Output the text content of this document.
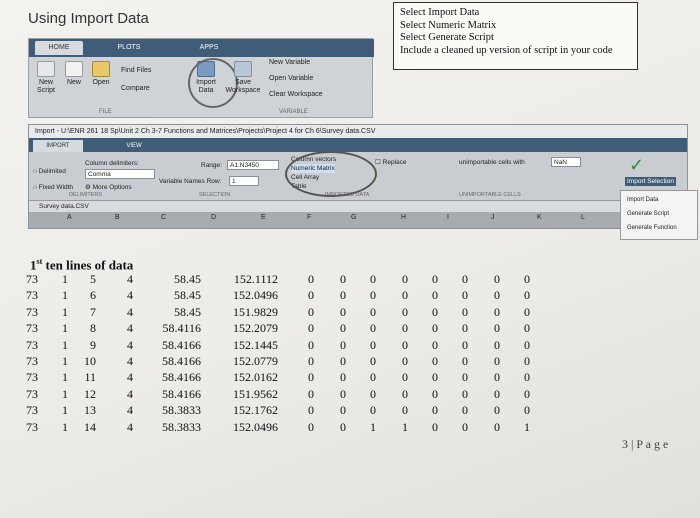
Using Import Data	Select Import Data
Select Numeric Matrix
Select Generate Script
Include a cleaned up version of script in your code
HOME	PLOTS	APPS
New Script
New	Open
Find Files
Compare
Import Data
Save Workspace
New Variable
Open Variable
Clear Workspace
FILE	VARIABLE
Import - U:\ENR 261 18 Sp\Unit 2 Ch 3-7 Functions and Matrices\Projects\Project 4 for Ch 6\Survey data.CSV
IMPORT	VIEW
○ Delimited
○ Fixed Width
Column delimiters:
Comma
⚙ More Options
Range:	A1:N3450
Variable Names Row:	1
Column vectors
Numeric Matrix
Cell Array
Table
☐ Replace	unimportable cells with	NaN	✓
Import Selection
DELIMITERS	SELECTION	IMPORTED DATA	UNIMPORTABLE CELLS
Survey data.CSV
A	B	C	D	E	F	G	H	I	J	K	L
Import Data
Generate Script
Generate Function
1st ten lines of data
73 1 5	4	58.45	152.1112	0 0 0 0 0 0 0 0
73 1 6	4	58.45	152.0496	0 0 0 0 0 0 0 0
73 1 7	4	58.45	151.9829	0 0 0 0 0 0 0 0
73 1 8	4 58.4116	152.2079	0 0 0 0 0 0 0 0
73 1 9	4 58.4166	152.1445	0 0 0 0 0 0 0 0
73 1 10	4 58.4166	152.0779	0 0 0 0 0 0 0 0
73 1 11	4 58.4166	152.0162	0 0 0 0 0 0 0 0
73 1 12	4 58.4166	151.9562	0 0 0 0 0 0 0 0
73 1 13	4 58.3833	152.1762	0 0 0 0 0 0 0 0
73 1 14	4 58.3833	152.0496	0 0 1 1 0 0 0 1
3 | P a g e
